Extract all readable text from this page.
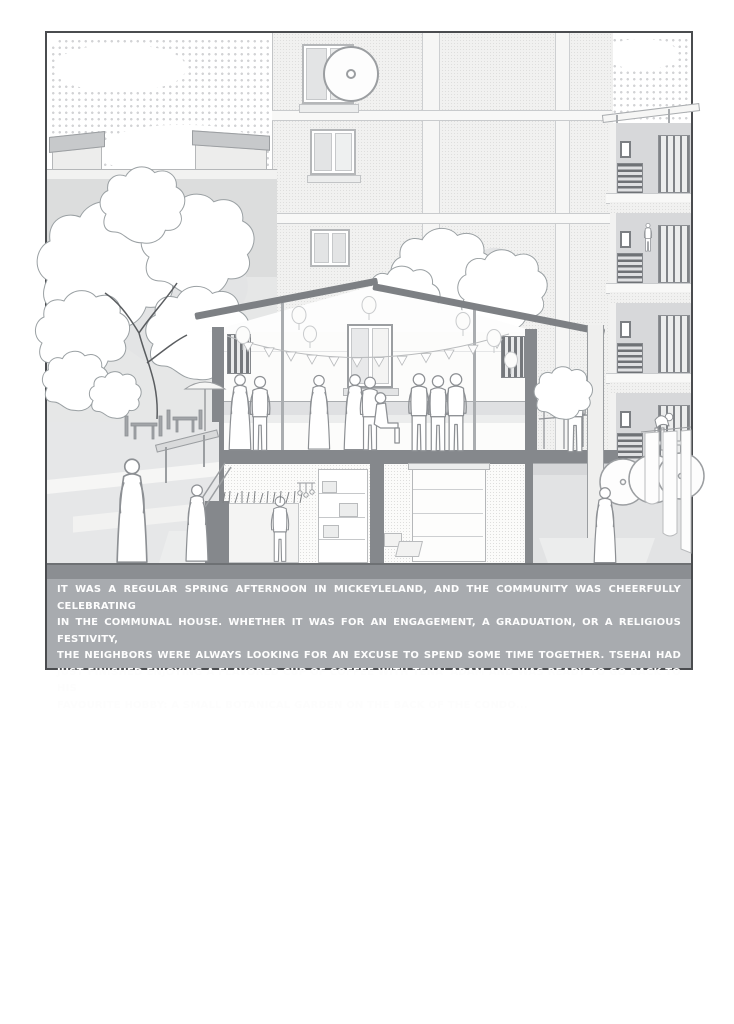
IT WAS A REGULAR SPRING AFTERNOON IN MICKEYLELAND, AND THE COMMUNITY WAS CHEERFULLY CELEBRATING
IN THE COMMUNAL HOUSE. WHETHER IT WAS FOR AN ENGAGEMENT, A GRADUATION, OR A RELIGIOUS FESTIVITY,
THE NEIGHBORS WERE ALWAYS LOOKING FOR AN EXCUSE TO SPEND SOME TIME TOGETHER. TSEHAI HAD
JUST FINISHED ENJOYING A FLAVORED CUP OF COFFEE WITH TENA' ADAM AND WAS READY TO GO BACK TO HIS
FAVOURITE HOBBY: A SMALL BOTANICAL GARDEN ON THE BACK OF THE CONDO...
